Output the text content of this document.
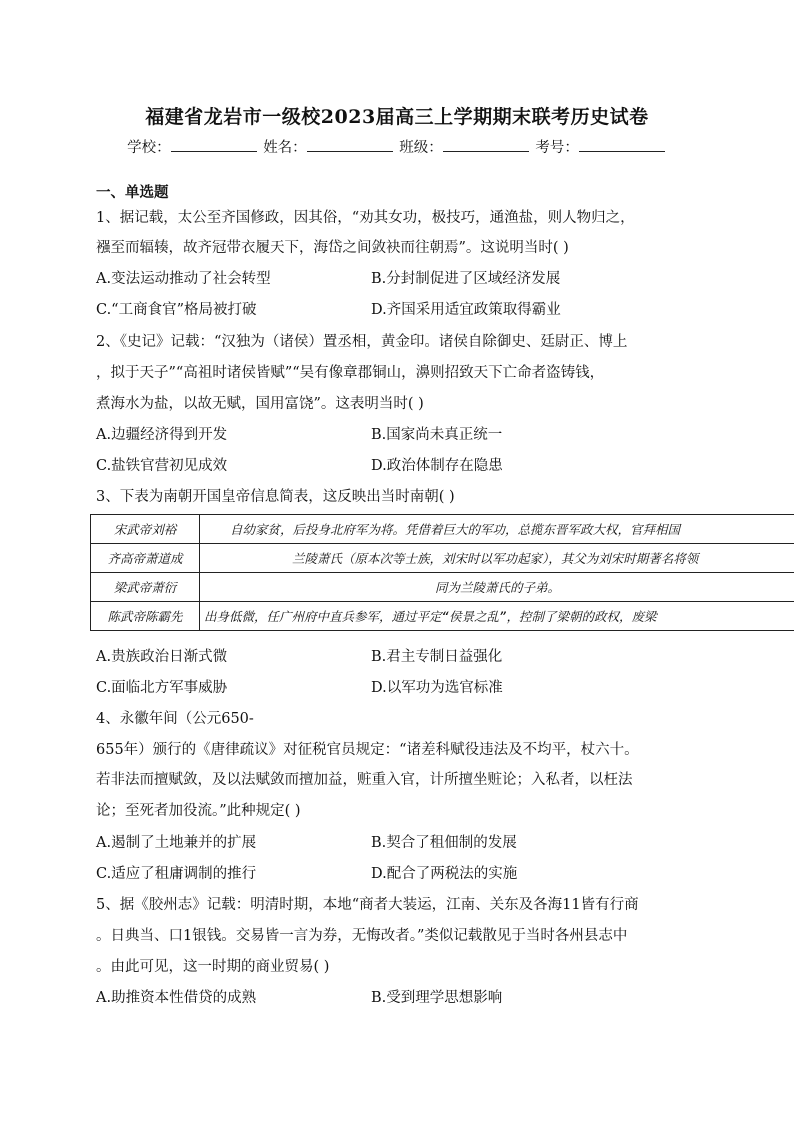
福建省龙岩市一级校2023届高三上学期期末联考历史试卷
学校：	姓名：	班级：	考号：
一、单选题
1、据记载，太公至齐国修政，因其俗，“劝其女功，极技巧，通渔盐，则人物归之，
襁至而辐辏，故齐冠带衣履天下，海岱之间敛袂而往朝焉”。这说明当时( )
A.变法运动推动了社会转型	B.分封制促进了区域经济发展
C.“工商食官”格局被打破	D.齐国采用适宜政策取得霸业
2、《史记》记载：“汉独为（诸侯）置丞相，黄金印。诸侯自除御史、廷尉正、博上
，拟于天子”“高祖时诸侯皆赋”“吴有像章郡铜山，濞则招致天下亡命者盗铸钱，
煮海水为盐，以故无赋，国用富饶”。这表明当时( )
A.边疆经济得到开发	B.国家尚未真正统一
C.盐铁官营初见成效	D.政治体制存在隐患
3、下表为南朝开国皇帝信息简表，这反映出当时南朝( )
宋武帝刘裕	自幼家贫，后投身北府军为将。凭借着巨大的军功，总揽东晋军政大权，官拜相国
齐高帝萧道成	兰陵萧氏（原本次等士族，刘宋时以军功起家），其父为刘宋时期著名将领
梁武帝萧衍	同为兰陵萧氏的子弟。
陈武帝陈霸先	出身低微，任广州府中直兵参军，通过平定“侯景之乱”，控制了梁朝的政权，废梁
A.贵族政治日渐式微	B.君主专制日益强化
C.面临北方军事威胁	D.以军功为选官标准
4、永徽年间（公元650-
655年）颁行的《唐律疏议》对征税官员规定：“诸差科赋役违法及不均平，杖六十。
若非法而擅赋敛，及以法赋敛而擅加益，赃重入官，计所擅坐赃论；入私者，以枉法
论；至死者加役流。”此种规定( )
A.遏制了土地兼并的扩展	B.契合了租佃制的发展
C.适应了租庸调制的推行	D.配合了两税法的实施
5、据《胶州志》记载：明清时期，本地“商者大装运，江南、关东及各海11皆有行商
。日典当、口1银钱。交易皆一言为券，无悔改者。”类似记载散见于当时各州县志中
。由此可见，这一时期的商业贸易( )
A.助推资本性借贷的成熟	B.受到理学思想影响
